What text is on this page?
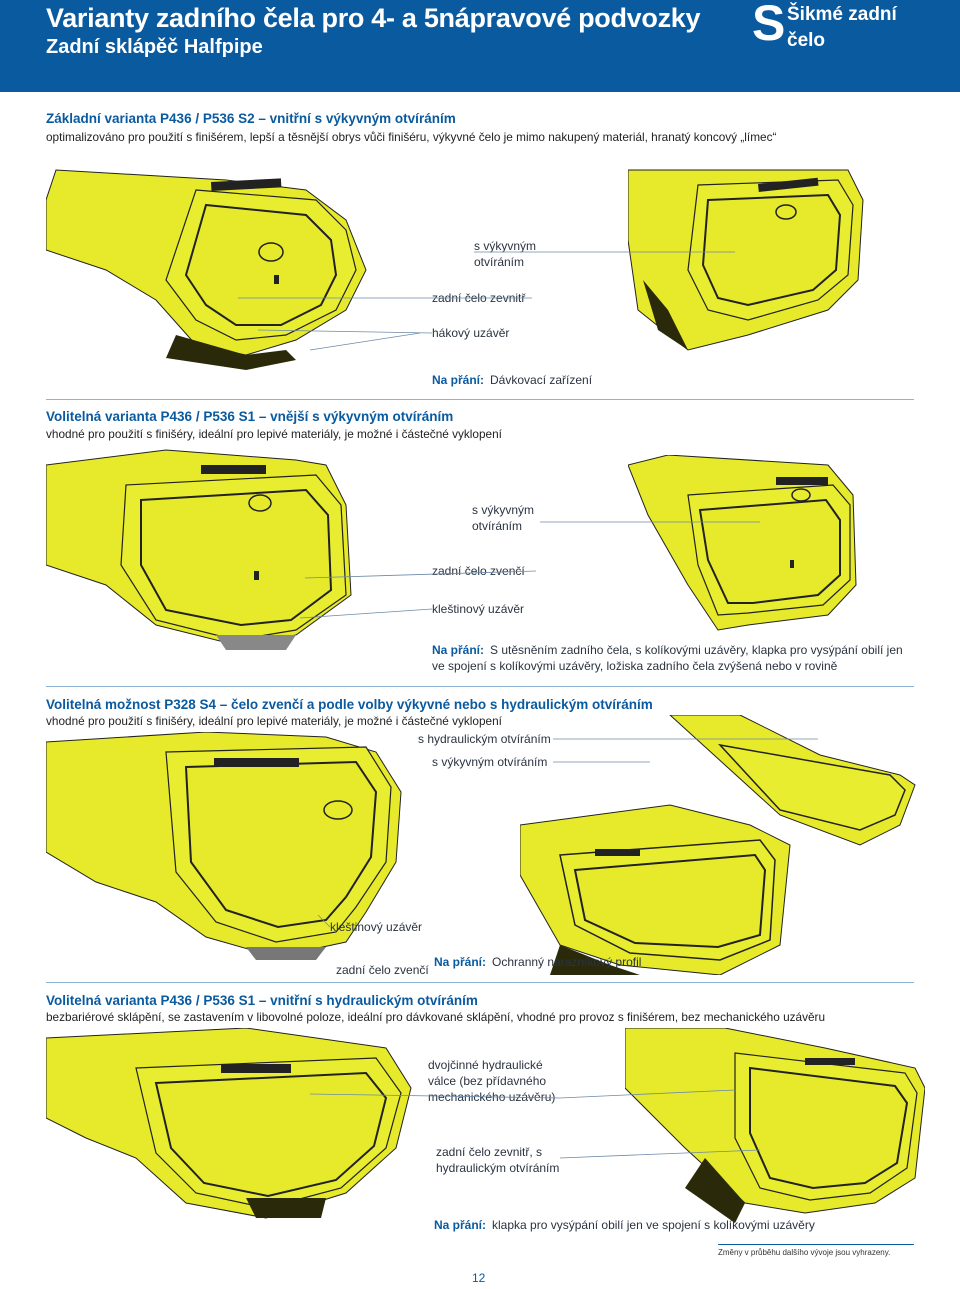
Varianty zadního čela pro 4- a 5nápravové podvozky
Zadní sklápěč Halfpipe	S Šikmé zadní
čelo
Základní varianta P436 / P536 S2 – vnitřní s výkyvným otvíráním
optimalizováno pro použití s finišérem, lepší a těsnější obrys vůči finišéru, výkyvné čelo je mimo nakupený materiál, hranatý koncový „límec“
s výkyvným
otvíráním
zadní čelo zevnitř
hákový uzávěr
Na přání: Dávkovací zařízení
Volitelná varianta P436 / P536 S1 – vnější s výkyvným otvíráním
vhodné pro použití s finišéry, ideální pro lepivé materiály, je možné i částečné vyklopení
s výkyvným
otvíráním
zadní čelo zvenčí
kleštinový uzávěr
Na přání: S utěsněním zadního čela, s kolíkovými uzávěry, klapka pro vysýpání obilí jen
ve spojení s kolíkovými uzávěry, ložiska zadního čela zvýšená nebo v rovině
Volitelná možnost P328 S4 – čelo zvenčí a podle volby výkyvné nebo s hydraulickým otvíráním
vhodné pro použití s finišéry, ideální pro lepivé materiály, je možné i částečné vyklopení
s hydraulickým otvíráním
s výkyvným otvíráním
kleštinový uzávěr
zadní čelo zvenčí
Na přání: Ochranný nárazníkový profil
Volitelná varianta P436 / P536 S1 – vnitřní s hydraulickým otvíráním
bezbariérové sklápění, se zastavením v libovolné poloze, ideální pro dávkované sklápění, vhodné pro provoz s finišérem, bez mechanického uzávěru
dvojčinné hydraulické
válce (bez přídavného
mechanického uzávěru)
zadní čelo zevnitř, s
hydraulickým otvíráním
Na přání: klapka pro vysýpání obilí jen ve spojení s kolíkovými uzávěry
Změny v průběhu dalšího vývoje jsou vyhrazeny.
12
